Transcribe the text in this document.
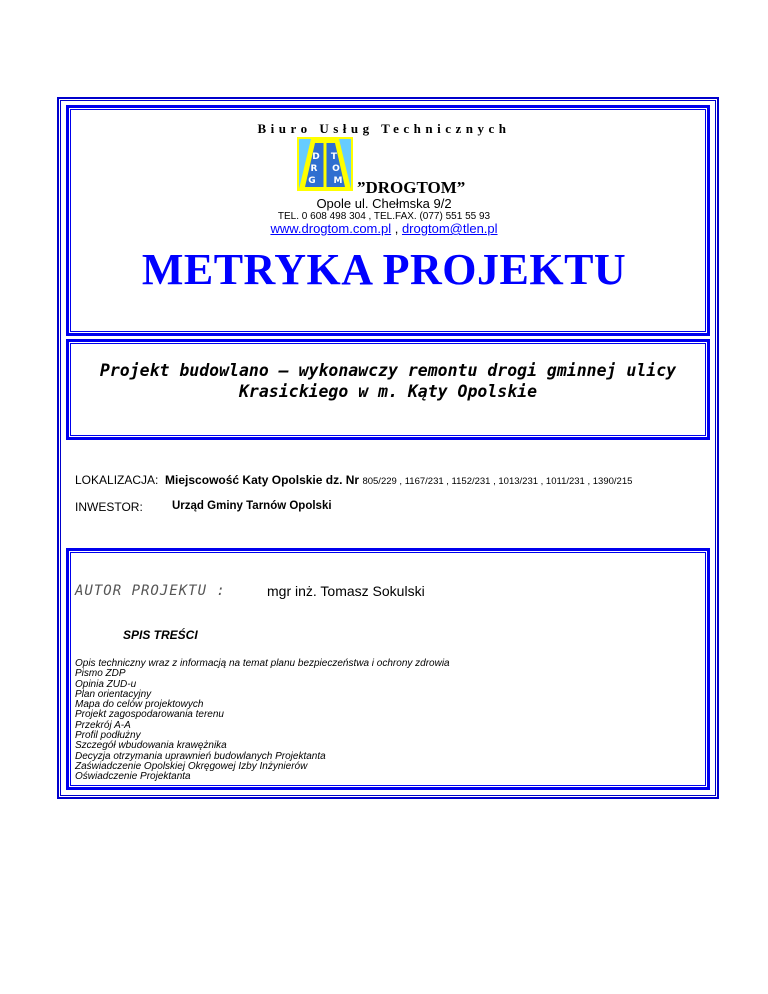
Biuro Usług Technicznych
D T
R O
G M ”DROGTOM”
Opole ul. Chełmska 9/2
TEL. 0 608 498 304 , TEL.FAX. (077) 551 55 93
www.drogtom.com.pl , drogtom@tlen.pl
METRYKA PROJEKTU
Projekt budowlano – wykonawczy remontu drogi gminnej ulicy
Krasickiego w m. Kąty Opolskie
LOKALIZACJA: Miejscowość Katy Opolskie dz. Nr 805/229 , 1167/231 , 1152/231 , 1013/231 , 1011/231 , 1390/215
INWESTOR:	Urząd Gminy Tarnów Opolski
AUTOR PROJEKTU :	mgr inż. Tomasz Sokulski
SPIS TREŚCI
Opis techniczny wraz z informacją na temat planu bezpieczeństwa i ochrony zdrowia
Pismo ZDP
Opinia ZUD-u
Plan orientacyjny
Mapa do celów projektowych
Projekt zagospodarowania terenu
Przekrój A-A
Profil podłużny
Szczegół wbudowania krawężnika
Decyzja otrzymania uprawnień budowlanych Projektanta
Zaświadczenie Opolskiej Okręgowej Izby Inżynierów
Oświadczenie Projektanta
